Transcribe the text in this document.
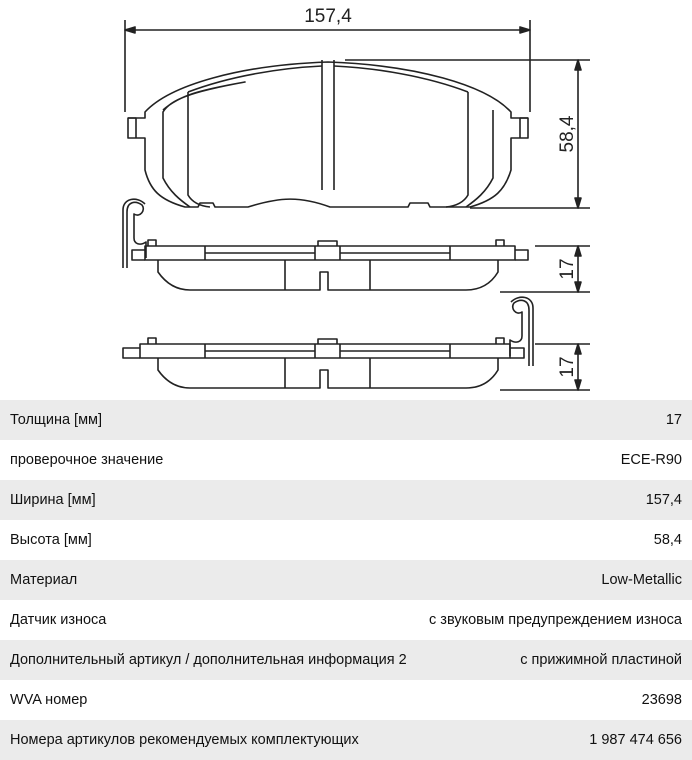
157,4
58,4
17
17
Толщина [мм]	17
проверочное значение	ECE-R90
Ширина [мм]	157,4
Высота [мм]	58,4
Материал	Low-Metallic
Датчик износа	с звуковым предупреждением износа
Дополнительный артикул / дополнительная информация 2	с прижимной пластиной
WVA номер	23698
Номера артикулов рекомендуемых комплектующих	1 987 474 656
